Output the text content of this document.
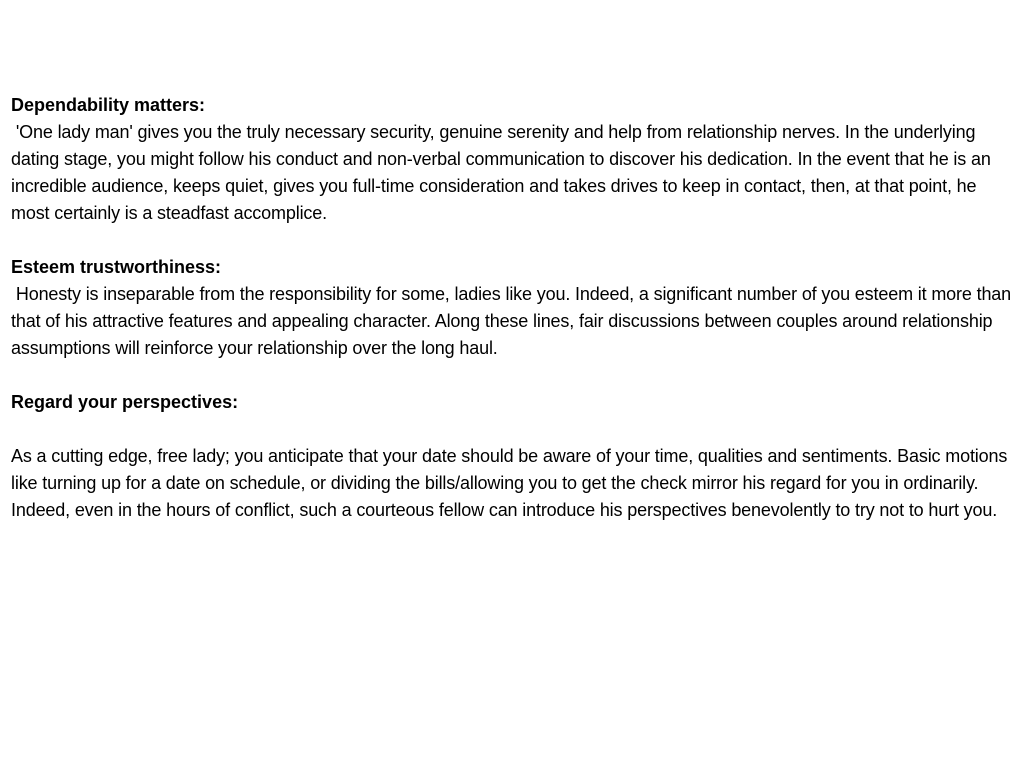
Dependability matters:
'One lady man' gives you the truly necessary security, genuine serenity and help from relationship nerves. In the underlying dating stage, you might follow his conduct and non-verbal communication to discover his dedication. In the event that he is an incredible audience, keeps quiet, gives you full-time consideration and takes drives to keep in contact, then, at that point, he most certainly is a steadfast accomplice.
Esteem trustworthiness:
Honesty is inseparable from the responsibility for some, ladies like you. Indeed, a significant number of you esteem it more than that of his attractive features and appealing character. Along these lines, fair discussions between couples around relationship assumptions will reinforce your relationship over the long haul.
Regard your perspectives:
As a cutting edge, free lady; you anticipate that your date should be aware of your time, qualities and sentiments. Basic motions like turning up for a date on schedule, or dividing the bills/allowing you to get the check mirror his regard for you in ordinarily. Indeed, even in the hours of conflict, such a courteous fellow can introduce his perspectives benevolently to try not to hurt you.
